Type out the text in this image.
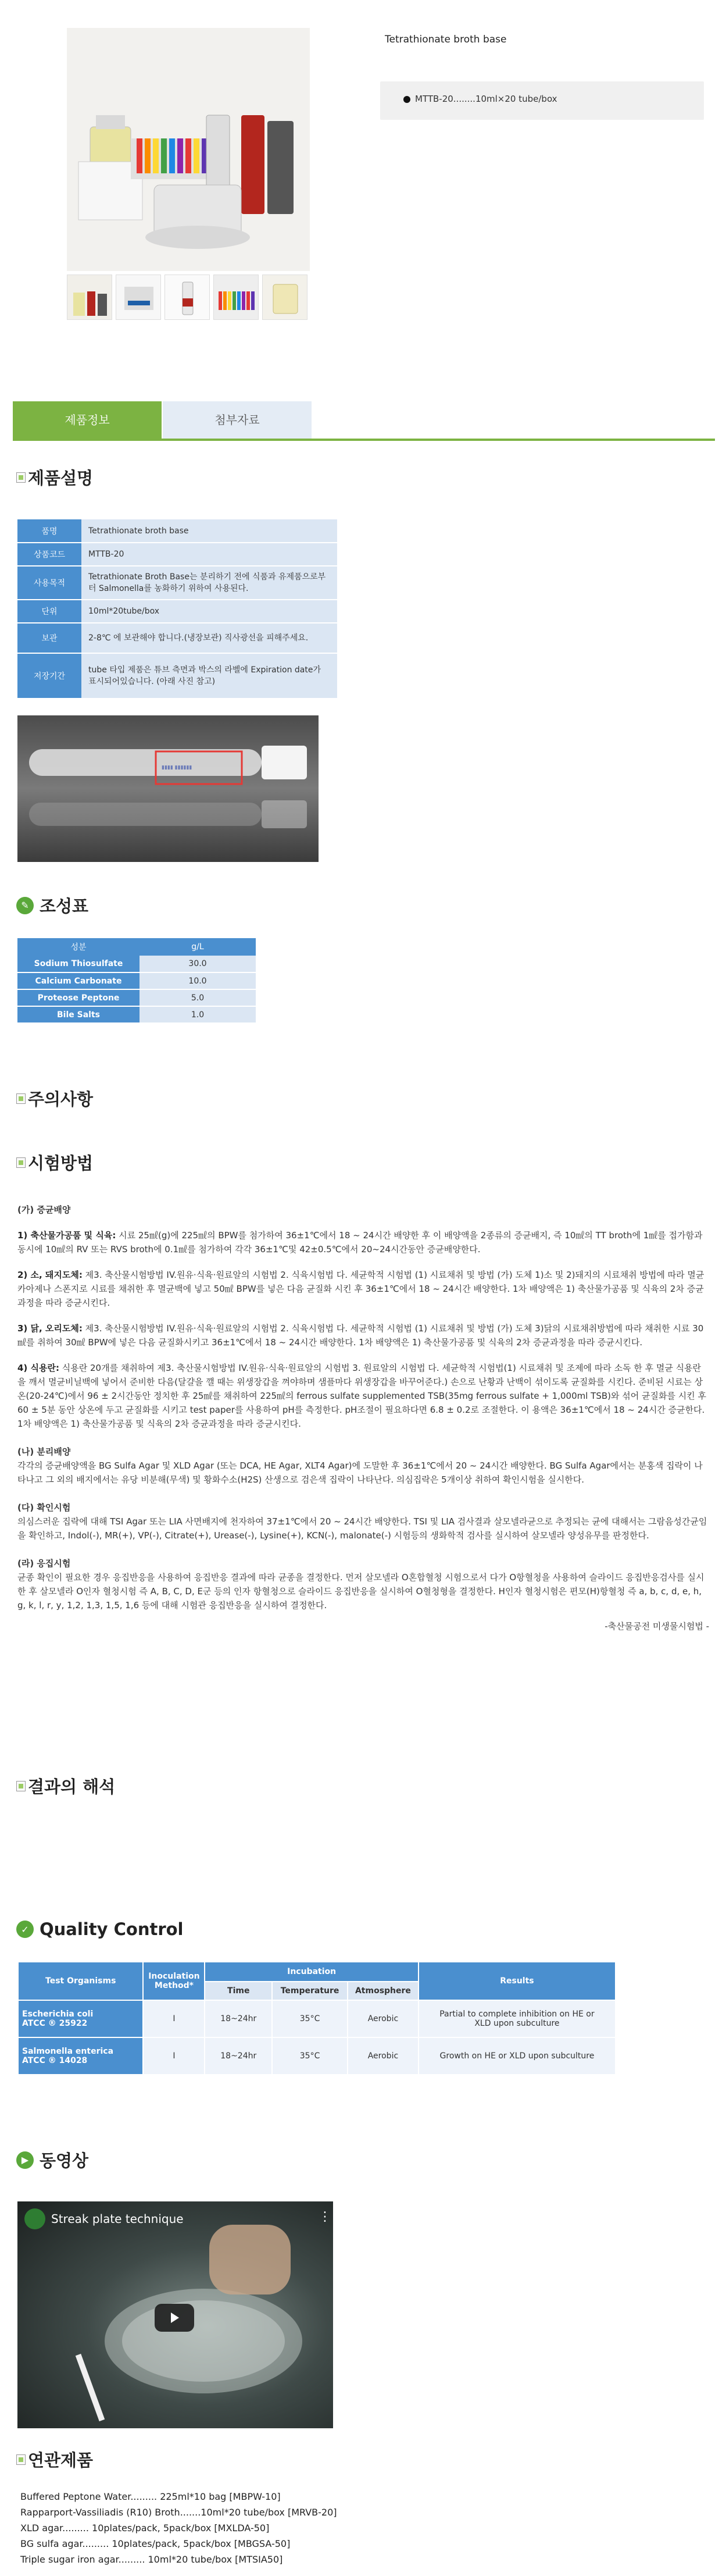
Tetrathionate broth base
MTTB-20........10ml×20 tube/box
제품정보	첨부자료
제품설명
품명	Tetrathionate broth base
상품코드	MTTB-20
사용목적	Tetrathionate Broth Base는 분리하기 전에 식품과 유제품으로부터 Salmonella를 농화하기 위하여 사용된다.
단위	10ml*20tube/box
보관	2-8℃ 에 보관해야 합니다.(냉장보관) 직사광선을 피해주세요.
저장기간	tube 타입 제품은 튜브 측면과 박스의 라벨에 Expiration date가 표시되어있습니다. (아래 사진 참고)
▮▮▮▮ ▮▮▮▮▮▮
✎ 조성표
성분	g/L
Sodium Thiosulfate	30.0
Calcium Carbonate	10.0
Proteose Peptone	5.0
Bile Salts	1.0
주의사항
시험방법
(가) 증균배양
1) 축산물가공품 및 식육: 시료 25㎖(g)에 225㎖의 BPW를 첨가하여 36±1℃에서 18 ~ 24시간 배양한 후 이 배양액을 2종류의 증균배지, 즉 10㎖의 TT broth에 1㎖를 접가함과 동시에 10㎖의 RV 또는 RVS broth에 0.1㎖를 첨가하여 각각 36±1℃및 42±0.5℃에서 20~24시간동안 증균배양한다.
2) 소, 돼지도체: 제3. 축산물시험방법 IV.원유·식육·원료알의 시험법 2. 식육시험법 다. 세균학적 시험법 (1) 시료채취 및 방법 (가) 도체 1)소 및 2)돼지의 시료채취 방법에 따라 멸균카아제나 스폰지로 시료를 채취한 후 멸균백에 넣고 50㎖ BPW를 넣은 다음 균질화 시킨 후 36±1℃에서 18 ~ 24시간 배양한다. 1차 배양액은 1) 축산물가공품 및 식육의 2차 증균과정을 따라 증균시킨다.
3) 닭, 오리도체: 제3. 축산물시험방법 IV.원유·식육·원료알의 시험법 2. 식육시험법 다. 세균학적 시험법 (1) 시료채취 및 방법 (가) 도체 3)닭의 시료채취방법에 따라 채취한 시료 30㎖를 취하여 30㎖ BPW에 넣은 다음 균질화시키고 36±1℃에서 18 ~ 24시간 배양한다. 1차 배양액은 1) 축산물가공품 및 식육의 2차 증균과정을 따라 증균시킨다.
4) 식용란: 식용란 20개를 채취하여 제3. 축산물시험방법 IV.원유·식육·원료알의 시험법 3. 원료알의 시험법 다. 세균학적 시험법(1) 시료채취 및 조제에 따라 소독 한 후 멸균 식용란을 깨서 멸균비닐백에 넣어서 준비한 다음(달걀을 깰 때는 위생장갑을 껴야하며 샘플마다 위생장갑을 바꾸어준다.) 손으로 난황과 난백이 섞이도록 균질화를 시킨다. 준비된 시료는 상온(20-24℃)에서 96 ± 2시간동안 정치한 후 25㎖를 채취하여 225㎖의 ferrous sulfate supplemented TSB(35mg ferrous sulfate + 1,000ml TSB)와 섞어 균질화를 시킨 후 60 ± 5분 동안 상온에 두고 균질화를 시키고 test paper를 사용하여 pH를 측정한다. pH조절이 필요하다면 6.8 ± 0.2로 조절한다. 이 용액은 36±1℃에서 18 ~ 24시간 증균한다. 1차 배양액은 1) 축산물가공품 및 식육의 2차 증균과정을 따라 증균시킨다.
(나) 분리배양
각각의 증균배양액을 BG Sulfa Agar 및 XLD Agar (또는 DCA, HE Agar, XLT4 Agar)에 도말한 후 36±1℃에서 20 ~ 24시간 배양한다. BG Sulfa Agar에서는 분홍색 집락이 나타나고 그 외의 배지에서는 유당 비분해(무색) 및 황화수소(H2S) 산생으로 검은색 집락이 나타난다. 의심집락은 5개이상 취하여 확인시험을 실시한다.
(다) 확인시험
의심스러운 집락에 대해 TSI Agar 또는 LIA 사면배지에 천자하여 37±1℃에서 20 ~ 24시간 배양한다. TSI 및 LIA 검사결과 살모넬라균으로 추정되는 균에 대해서는 그람음성간균임을 확인하고, Indol(-), MR(+), VP(-), Citrate(+), Urease(-), Lysine(+), KCN(-), malonate(-) 시험등의 생화학적 검사를 실시하여 살모넬라 양성유무를 판정한다.
(라) 응집시험
균종 확인이 필요한 경우 응집반응을 사용하여 응집반응 결과에 따라 균종을 결정한다. 먼저 살모넬라 O혼합혈청 시험으로서 다가 O항혈청을 사용하여 슬라이드 응집반응검사를 실시한 후 살모넬라 O인자 혈청시험 즉 A, B, C, D, E군 등의 인자 항혈청으로 슬라이드 응집반응을 실시하여 O혈청형을 결정한다. H인자 혈청시험은 편모(H)항혈청 즉 a, b, c, d, e, h, g, k, l, r, y, 1,2, 1,3, 1,5, 1,6 등에 대해 시험관 응집반응을 실시하여 결정한다.
-축산물공전 미생물시험법 -
결과의 해석
✓ Quality Control
Test Organisms	Inoculation Method*	Incubation			Results
		Time	Temperature	Atmosphere	

Escherichia coli
ATCC ® 25922	I	18~24hr	35°C	Aerobic	Partial to complete inhibition on HE or XLD upon subculture

Salmonella enterica
ATCC ® 14028	I	18~24hr	35°C	Aerobic	Growth on HE or XLD upon subculture
▶ 동영상
Streak plate technique	⋮
연관제품
Buffered Peptone Water......... 225ml*10 bag [MBPW-10]
Rapparport-Vassiliadis (R10) Broth.......10ml*20 tube/box [MRVB-20]
XLD agar......... 10plates/pack, 5pack/box [MXLDA-50]
BG sulfa agar......... 10plates/pack, 5pack/box [MBGSA-50]
Triple sugar iron agar......... 10ml*20 tube/box [MTSIA50]
